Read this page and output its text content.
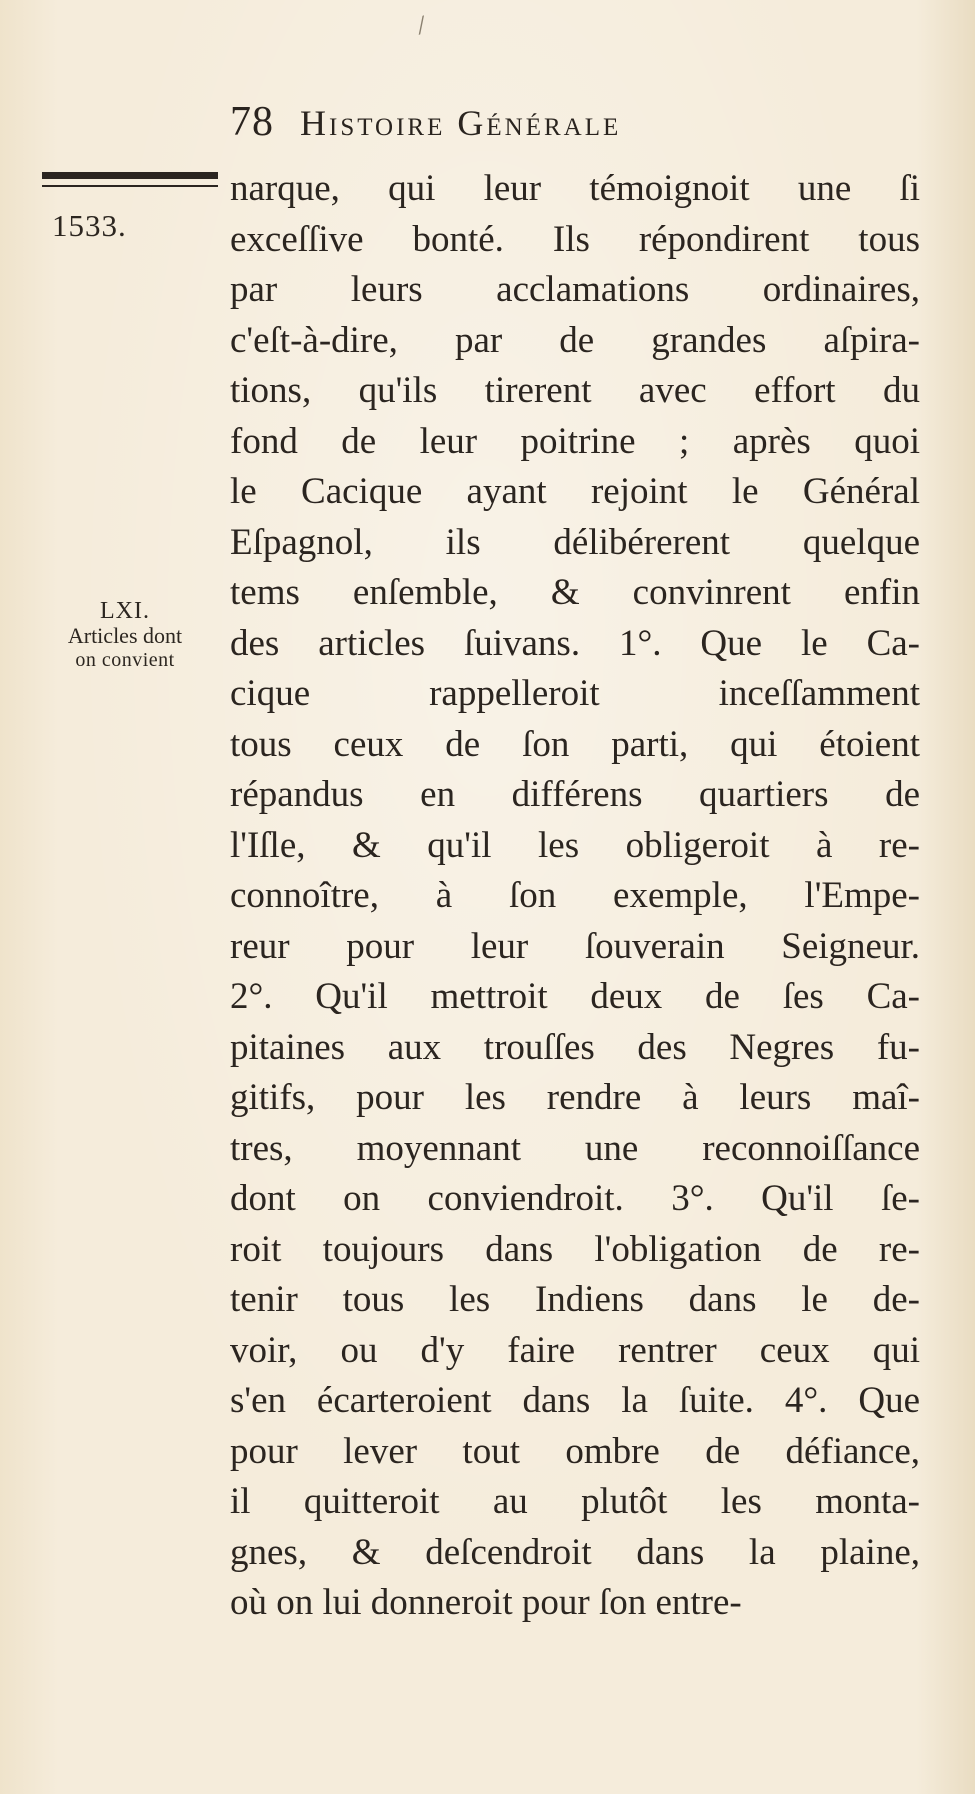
⁄
78 Histoire Générale
1533.
LXI.
Articles dont
on convient
narque, qui leur témoignoit une ſi
exceſſive bonté. Ils répondirent tous
par leurs acclamations ordinaires,
c'eſt-à-dire, par de grandes aſpira-
tions, qu'ils tirerent avec effort du
fond de leur poitrine ; après quoi
le Cacique ayant rejoint le Général
Eſpagnol, ils délibérerent quelque
tems enſemble, & convinrent enfin
des articles ſuivans. 1°. Que le Ca-
cique rappelleroit inceſſamment
tous ceux de ſon parti, qui étoient
répandus en différens quartiers de
l'Iſle, & qu'il les obligeroit à re-
connoître, à ſon exemple, l'Empe-
reur pour leur ſouverain Seigneur.
2°. Qu'il mettroit deux de ſes Ca-
pitaines aux trouſſes des Negres fu-
gitifs, pour les rendre à leurs maî-
tres, moyennant une reconnoiſſance
dont on conviendroit. 3°. Qu'il ſe-
roit toujours dans l'obligation de re-
tenir tous les Indiens dans le de-
voir, ou d'y faire rentrer ceux qui
s'en écarteroient dans la ſuite. 4°. Que
pour lever tout ombre de défiance,
il quitteroit au plutôt les monta-
gnes, & deſcendroit dans la plaine,
où on lui donneroit pour ſon entre-
